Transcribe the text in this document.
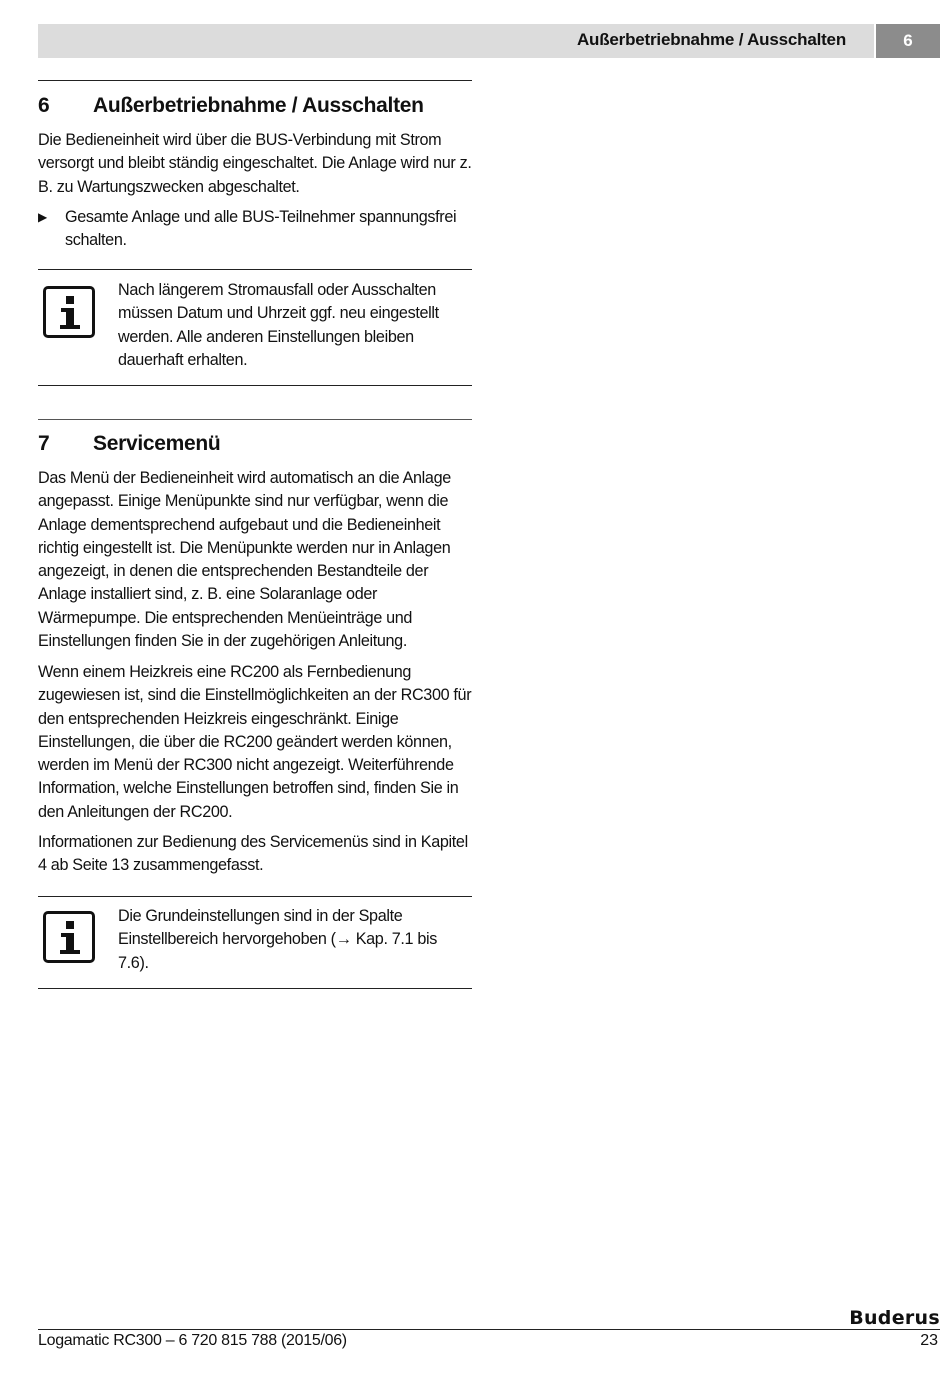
Außerbetriebnahme / Ausschalten	6
6 Außerbetriebnahme / Ausschalten

Die Bedieneinheit wird über die BUS-Verbindung mit Strom versorgt und bleibt ständig eingeschaltet. Die Anlage wird nur z. B. zu Wartungszwecken abgeschaltet.

▶ Gesamte Anlage und alle BUS-Teilnehmer spannungsfrei schalten.
Nach längerem Stromausfall oder Ausschalten müssen Datum und Uhrzeit ggf. neu eingestellt werden. Alle anderen Einstellungen bleiben dauerhaft erhalten.
7 Servicemenü

Das Menü der Bedieneinheit wird automatisch an die Anlage angepasst. Einige Menüpunkte sind nur verfügbar, wenn die Anlage dementsprechend aufgebaut und die Bedieneinheit richtig eingestellt ist. Die Menüpunkte werden nur in Anlagen angezeigt, in denen die entsprechenden Bestandteile der Anlage installiert sind, z. B. eine Solaranlage oder Wärmepumpe. Die entsprechenden Menüeinträge und Einstellungen finden Sie in der zugehörigen Anleitung.

Wenn einem Heizkreis eine RC200 als Fernbedienung zugewiesen ist, sind die Einstellmöglichkeiten an der RC300 für den entsprechenden Heizkreis eingeschränkt. Einige Einstellungen, die über die RC200 geändert werden können, werden im Menü der RC300 nicht angezeigt. Weiterführende Information, welche Einstellungen betroffen sind, finden Sie in den Anleitungen der RC200.

Informationen zur Bedienung des Servicemenüs sind in Kapitel 4 ab Seite 13 zusammengefasst.

Die Grundeinstellungen sind in der Spalte Einstellbereich hervorgehoben (→ Kap. 7.1 bis 7.6).
Buderus
Logamatic RC300 – 6 720 815 788 (2015/06)	23
